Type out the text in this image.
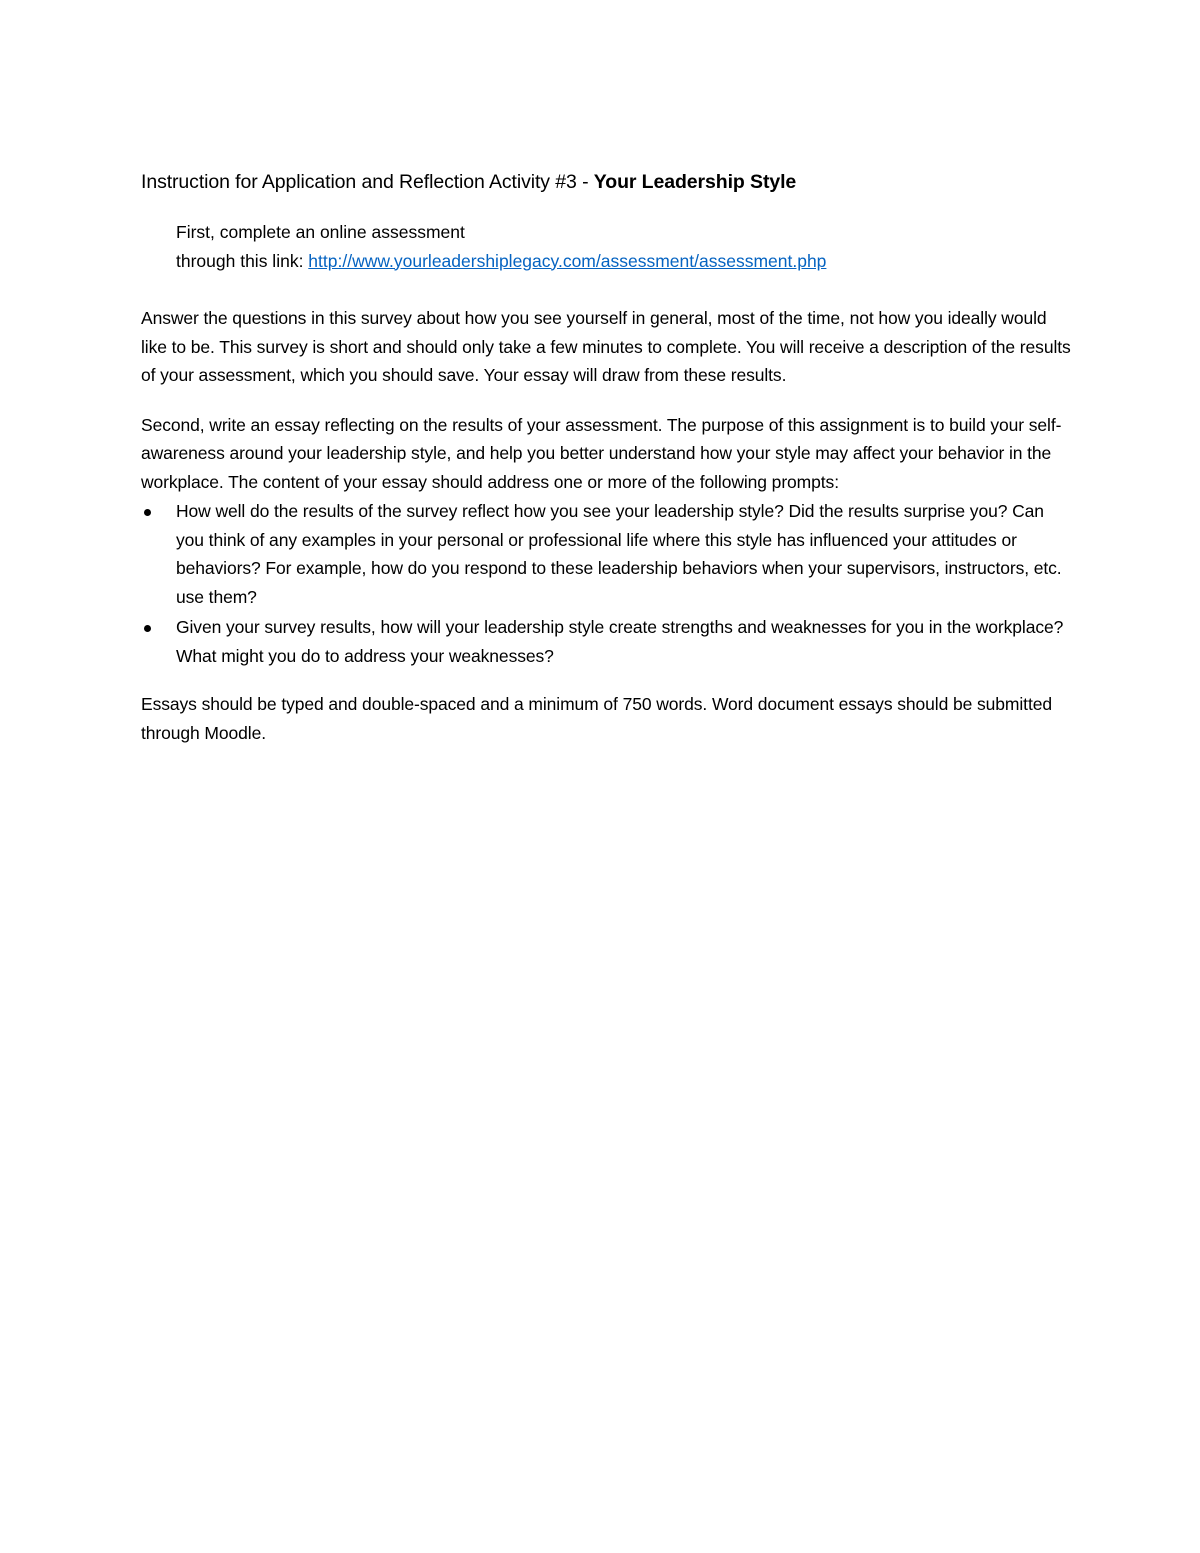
Instruction for Application and Reflection Activity #3 - Your Leadership Style
First, complete an online assessment
through this link: http://www.yourleadershiplegacy.com/assessment/assessment.php

Answer the questions in this survey about how you see yourself in general, most of the time, not how you ideally would like to be. This survey is short and should only take a few minutes to complete. You will receive a description of the results of your assessment, which you should save. Your essay will draw from these results.

Second, write an essay reflecting on the results of your assessment. The purpose of this assignment is to build your self-awareness around your leadership style, and help you better understand how your style may affect your behavior in the workplace. The content of your essay should address one or more of the following prompts:

How well do the results of the survey reflect how you see your leadership style? Did the results surprise you? Can you think of any examples in your personal or professional life where this style has influenced your attitudes or behaviors? For example, how do you respond to these leadership behaviors when your supervisors, instructors, etc. use them?
Given your survey results, how will your leadership style create strengths and weaknesses for you in the workplace? What might you do to address your weaknesses?

Essays should be typed and double-spaced and a minimum of 750 words. Word document essays should be submitted through Moodle.
